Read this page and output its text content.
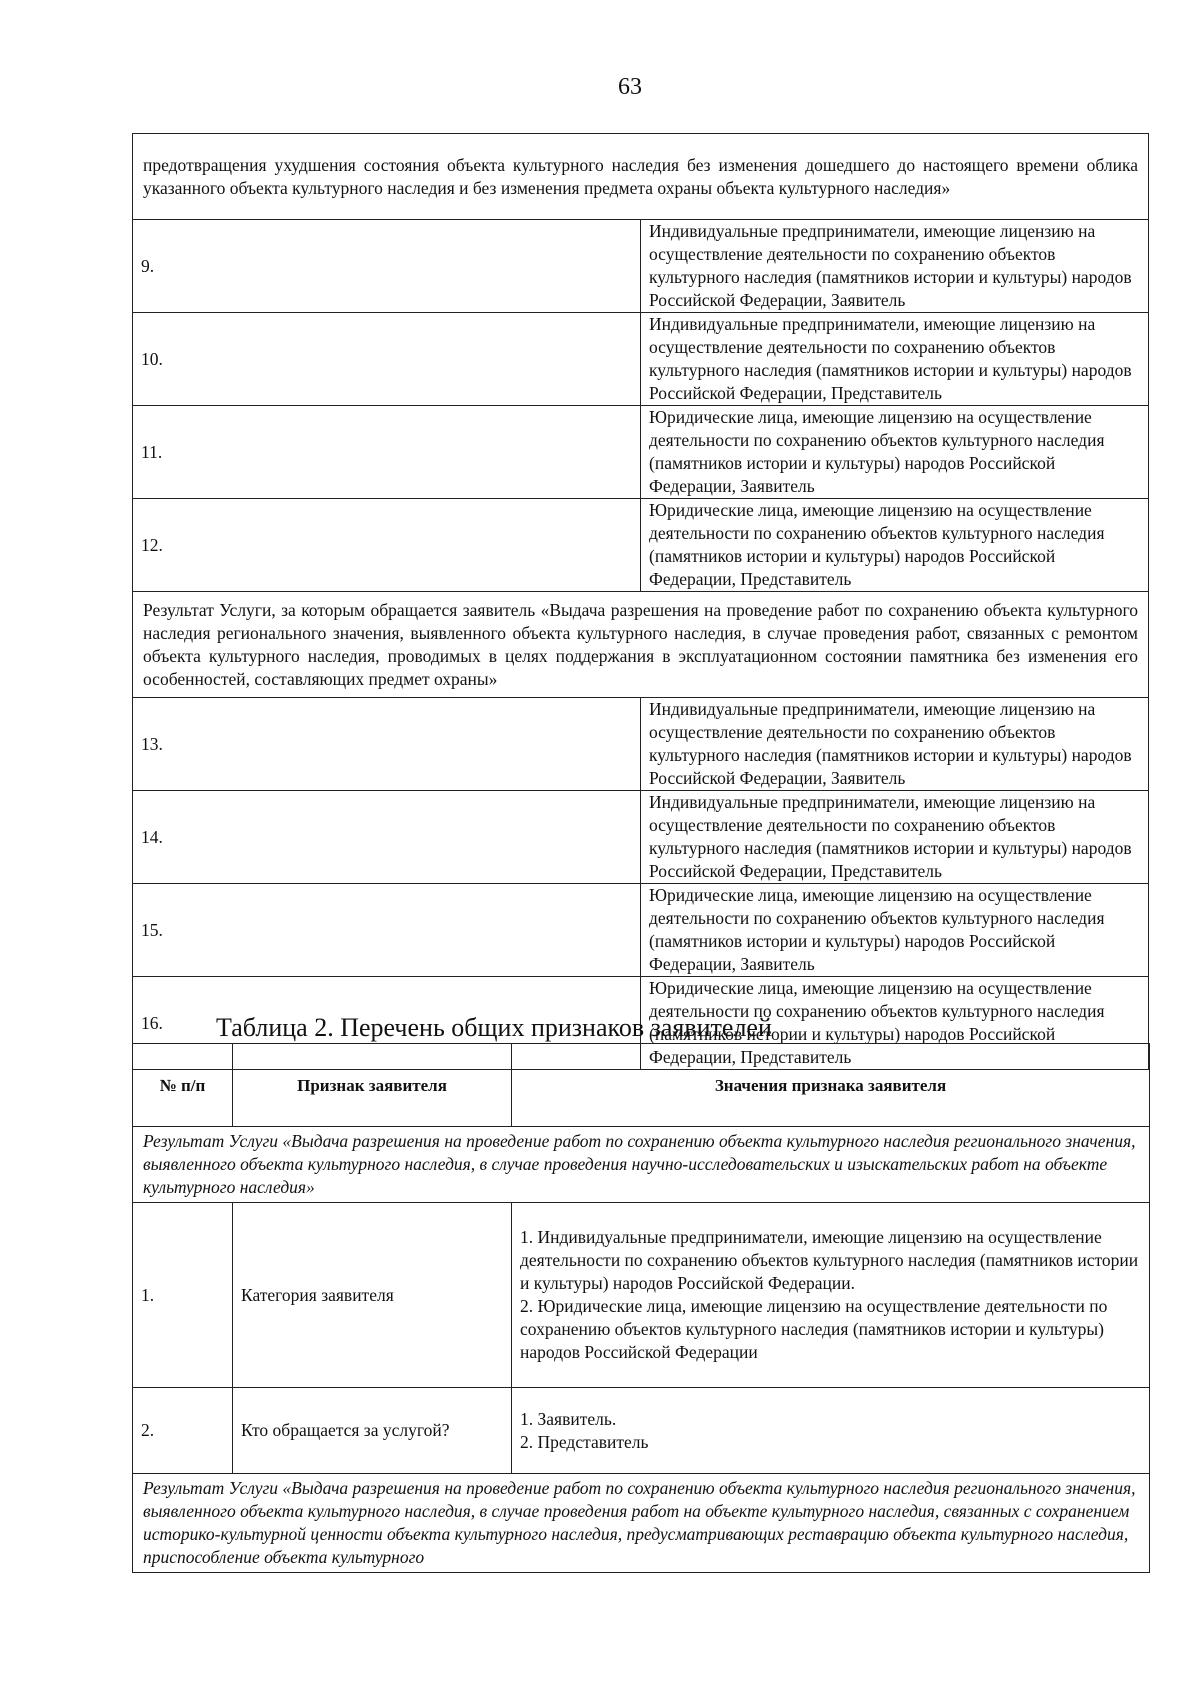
63
предотвращения ухудшения состояния объекта культурного наследия без изменения дошедшего до настоящего времени облика указанного объекта культурного наследия и без изменения предмета охраны объекта культурного наследия»	
9.	Индивидуальные предприниматели, имеющие лицензию на осуществление деятельности по сохранению объектов культурного наследия (памятников истории и культуры) народов Российской Федерации, Заявитель
10.	Индивидуальные предприниматели, имеющие лицензию на осуществление деятельности по сохранению объектов культурного наследия (памятников истории и культуры) народов Российской Федерации, Представитель
11.	Юридические лица, имеющие лицензию на осуществление деятельности по сохранению объектов культурного наследия (памятников истории и культуры) народов Российской Федерации, Заявитель
12.	Юридические лица, имеющие лицензию на осуществление деятельности по сохранению объектов культурного наследия (памятников истории и культуры) народов Российской Федерации, Представитель
Результат Услуги, за которым обращается заявитель «Выдача разрешения на проведение работ по сохранению объекта культурного наследия регионального значения, выявленного объекта культурного наследия, в случае проведения работ, связанных с ремонтом объекта культурного наследия, проводимых в целях поддержания в эксплуатационном состоянии памятника без изменения его особенностей, составляющих предмет охраны»	
13.	Индивидуальные предприниматели, имеющие лицензию на осуществление деятельности по сохранению объектов культурного наследия (памятников истории и культуры) народов Российской Федерации, Заявитель
14.	Индивидуальные предприниматели, имеющие лицензию на осуществление деятельности по сохранению объектов культурного наследия (памятников истории и культуры) народов Российской Федерации, Представитель
15.	Юридические лица, имеющие лицензию на осуществление деятельности по сохранению объектов культурного наследия (памятников истории и культуры) народов Российской Федерации, Заявитель
16.	Юридические лица, имеющие лицензию на осуществление деятельности по сохранению объектов культурного наследия (памятников истории и культуры) народов Российской Федерации, Представитель
Таблица 2. Перечень общих признаков заявителей
№ п/п	Признак заявителя	Значения признака заявителя
Результат Услуги «Выдача разрешения на проведение работ по сохранению объекта культурного наследия регионального значения, выявленного объекта культурного наследия, в случае проведения научно-исследовательских и изыскательских работ на объекте культурного наследия»		
1.	Категория заявителя	1. Индивидуальные предприниматели, имеющие лицензию на осуществление деятельности по сохранению объектов культурного наследия (памятников истории и культуры) народов Российской Федерации.
2. Юридические лица, имеющие лицензию на осуществление деятельности по сохранению объектов культурного наследия (памятников истории и культуры) народов Российской Федерации

2.	Кто обращается за услугой?	1. Заявитель.
2. Представитель

Результат Услуги «Выдача разрешения на проведение работ по сохранению объекта культурного наследия регионального значения, выявленного объекта культурного наследия, в случае проведения работ на объекте культурного наследия, связанных с сохранением историко-культурной ценности объекта культурного наследия, предусматривающих реставрацию объекта культурного наследия, приспособление объекта культурного		
